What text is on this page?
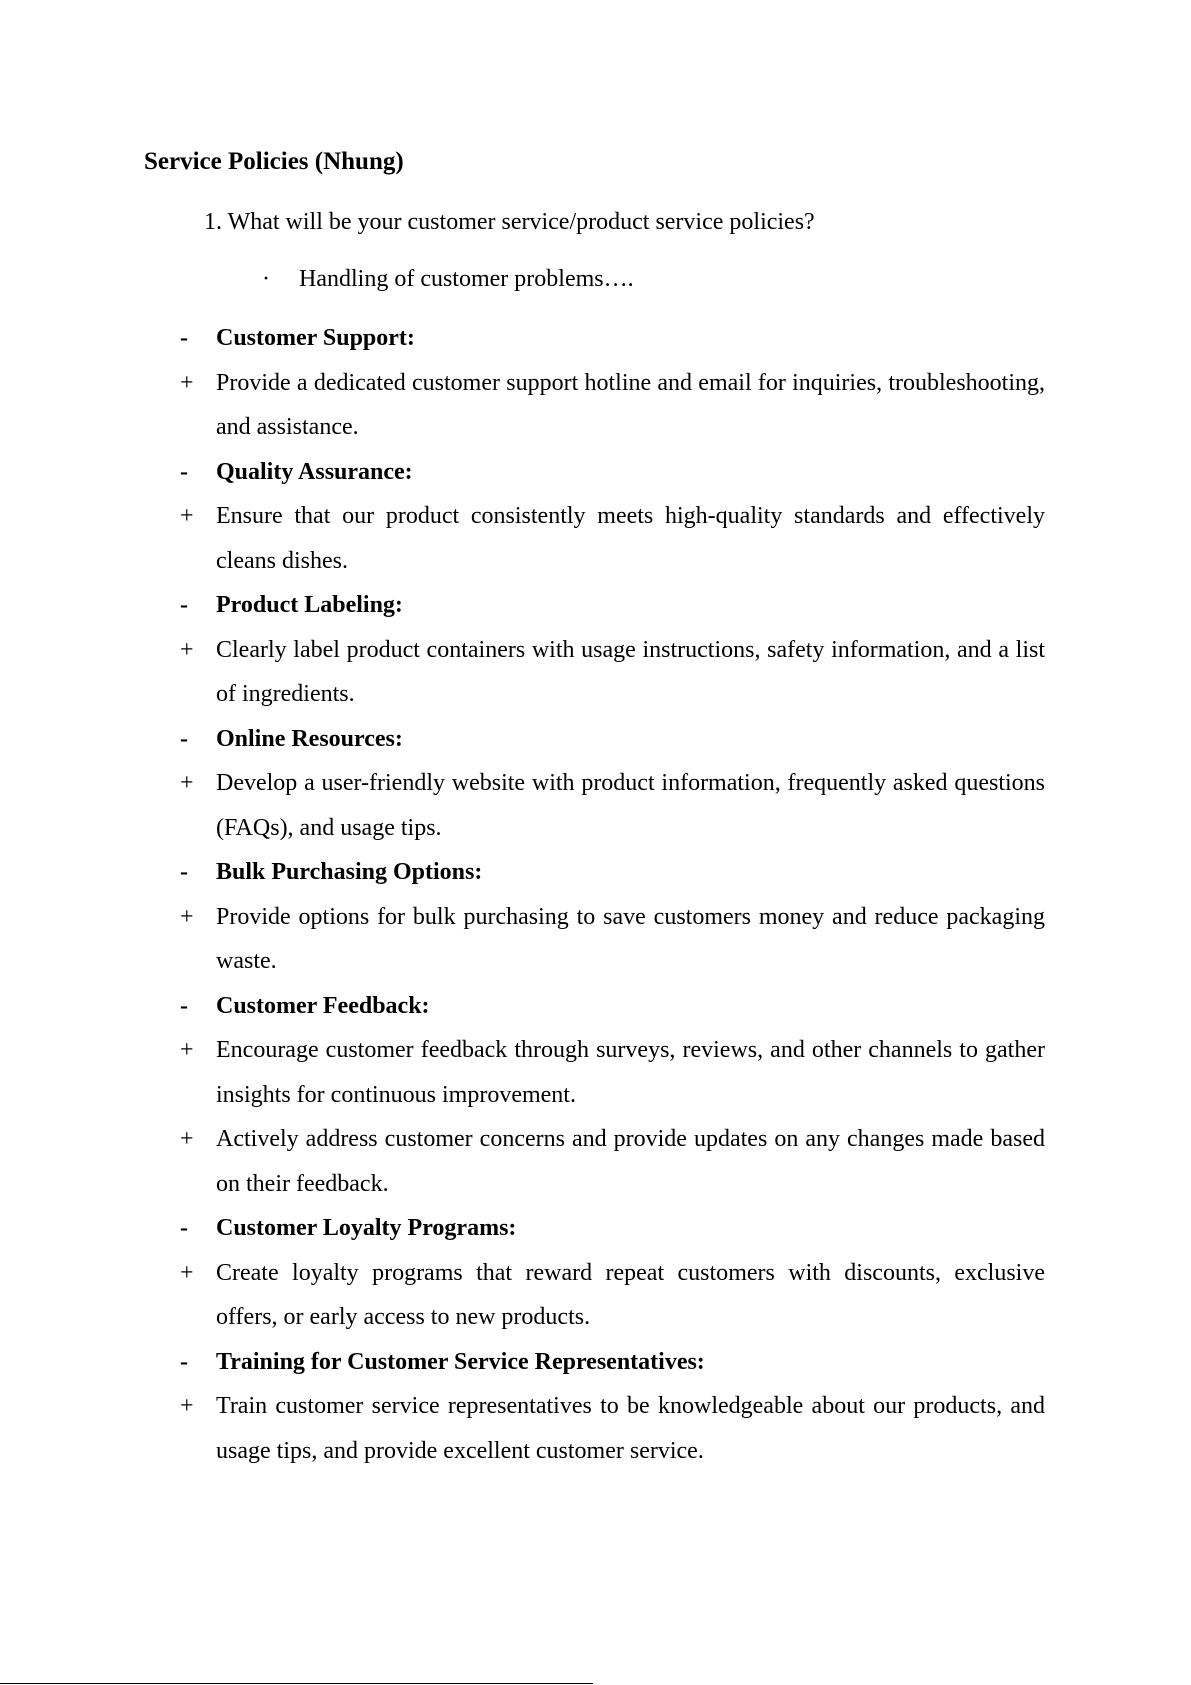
Service Policies (Nhung)
1. What will be your customer service/product service policies?
· Handling of customer problems….
- Customer Support:
+ Provide a dedicated customer support hotline and email for inquiries, troubleshooting, and assistance.
- Quality Assurance:
+ Ensure that our product consistently meets high-quality standards and effectively cleans dishes.
- Product Labeling:
+ Clearly label product containers with usage instructions, safety information, and a list of ingredients.
- Online Resources:
+ Develop a user-friendly website with product information, frequently asked questions (FAQs), and usage tips.
- Bulk Purchasing Options:
+ Provide options for bulk purchasing to save customers money and reduce packaging waste.
- Customer Feedback:
+ Encourage customer feedback through surveys, reviews, and other channels to gather insights for continuous improvement.
+ Actively address customer concerns and provide updates on any changes made based on their feedback.
- Customer Loyalty Programs:
+ Create loyalty programs that reward repeat customers with discounts, exclusive offers, or early access to new products.
- Training for Customer Service Representatives:
+ Train customer service representatives to be knowledgeable about our products, and usage tips, and provide excellent customer service.
